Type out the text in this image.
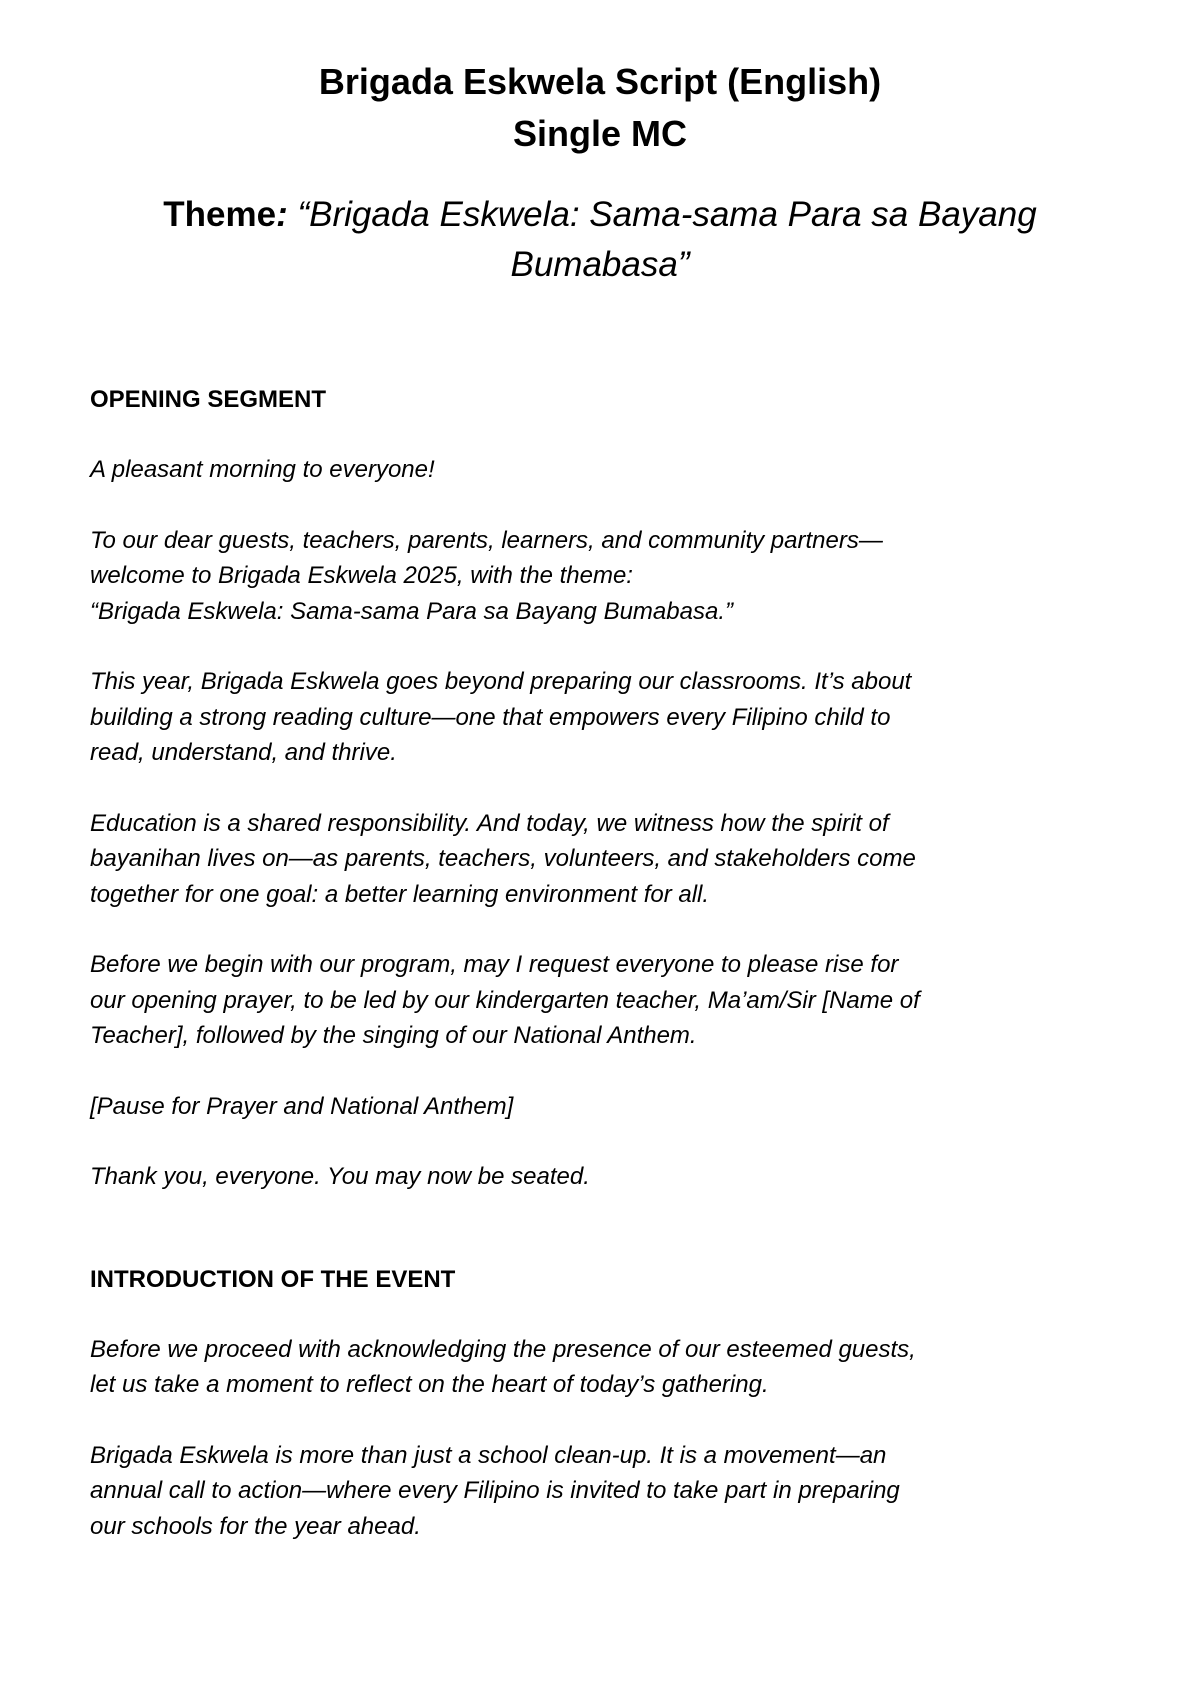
Brigada Eskwela Script (English)
Single MC
Theme: “Brigada Eskwela: Sama-sama Para sa Bayang
Bumabasa”
OPENING SEGMENT
A pleasant morning to everyone!
To our dear guests, teachers, parents, learners, and community partners—
welcome to Brigada Eskwela 2025, with the theme:
“Brigada Eskwela: Sama-sama Para sa Bayang Bumabasa.”
This year, Brigada Eskwela goes beyond preparing our classrooms. It’s about
building a strong reading culture—one that empowers every Filipino child to
read, understand, and thrive.
Education is a shared responsibility. And today, we witness how the spirit of
bayanihan lives on—as parents, teachers, volunteers, and stakeholders come
together for one goal: a better learning environment for all.
Before we begin with our program, may I request everyone to please rise for
our opening prayer, to be led by our kindergarten teacher, Ma’am/Sir [Name of
Teacher], followed by the singing of our National Anthem.
[Pause for Prayer and National Anthem]
Thank you, everyone. You may now be seated.
INTRODUCTION OF THE EVENT
Before we proceed with acknowledging the presence of our esteemed guests,
let us take a moment to reflect on the heart of today’s gathering.
Brigada Eskwela is more than just a school clean-up. It is a movement—an
annual call to action—where every Filipino is invited to take part in preparing
our schools for the year ahead.
